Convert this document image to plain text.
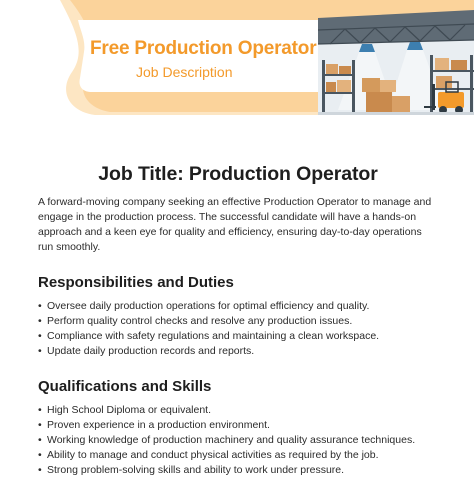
Free Production Operator

Job Description

Job Title: Production Operator

A forward-moving company seeking an effective Production Operator to manage and engage in the production process. The successful candidate will have a hands-on approach and a keen eye for quality and efficiency, ensuring day-to-day operations run smoothly.

Responsibilities and Duties
• Oversee daily production operations for optimal efficiency and quality.
• Perform quality control checks and resolve any production issues.
• Compliance with safety regulations and maintaining a clean workspace.
• Update daily production records and reports.
Qualifications and Skills
• High School Diploma or equivalent.
• Proven experience in a production environment.
• Working knowledge of production machinery and quality assurance techniques.
• Ability to manage and conduct physical activities as required by the job.
• Strong problem-solving skills and ability to work under pressure.
